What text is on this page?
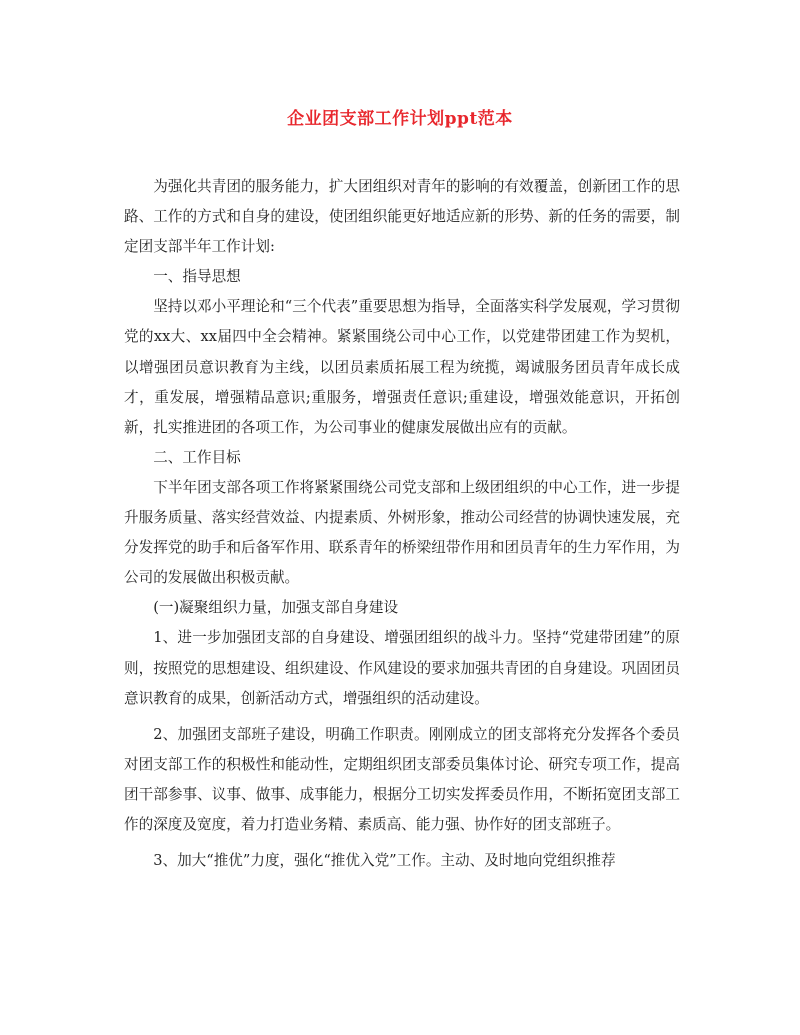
企业团支部工作计划ppt范本

为强化共青团的服务能力，扩大团组织对青年的影响的有效覆盖，创新团工作的思路、工作的方式和自身的建设，使团组织能更好地适应新的形势、新的任务的需要，制定团支部半年工作计划:

一、指导思想

坚持以邓小平理论和“三个代表”重要思想为指导，全面落实科学发展观，学习贯彻党的xx大、xx届四中全会精神。紧紧围绕公司中心工作，以党建带团建工作为契机，以增强团员意识教育为主线，以团员素质拓展工程为统揽，竭诚服务团员青年成长成才，重发展，增强精品意识;重服务，增强责任意识;重建设，增强效能意识，开拓创新，扎实推进团的各项工作，为公司事业的健康发展做出应有的贡献。

二、工作目标

下半年团支部各项工作将紧紧围绕公司党支部和上级团组织的中心工作，进一步提升服务质量、落实经营效益、内提素质、外树形象，推动公司经营的协调快速发展，充分发挥党的助手和后备军作用、联系青年的桥梁纽带作用和团员青年的生力军作用，为公司的发展做出积极贡献。

(一)凝聚组织力量，加强支部自身建设

1、进一步加强团支部的自身建设、增强团组织的战斗力。坚持“党建带团建”的原则，按照党的思想建设、组织建设、作风建设的要求加强共青团的自身建设。巩固团员意识教育的成果，创新活动方式，增强组织的活动建设。

2、加强团支部班子建设，明确工作职责。刚刚成立的团支部将充分发挥各个委员对团支部工作的积极性和能动性，定期组织团支部委员集体讨论、研究专项工作，提高团干部参事、议事、做事、成事能力，根据分工切实发挥委员作用，不断拓宽团支部工作的深度及宽度，着力打造业务精、素质高、能力强、协作好的团支部班子。

3、加大“推优”力度，强化“推优入党”工作。主动、及时地向党组织推荐
